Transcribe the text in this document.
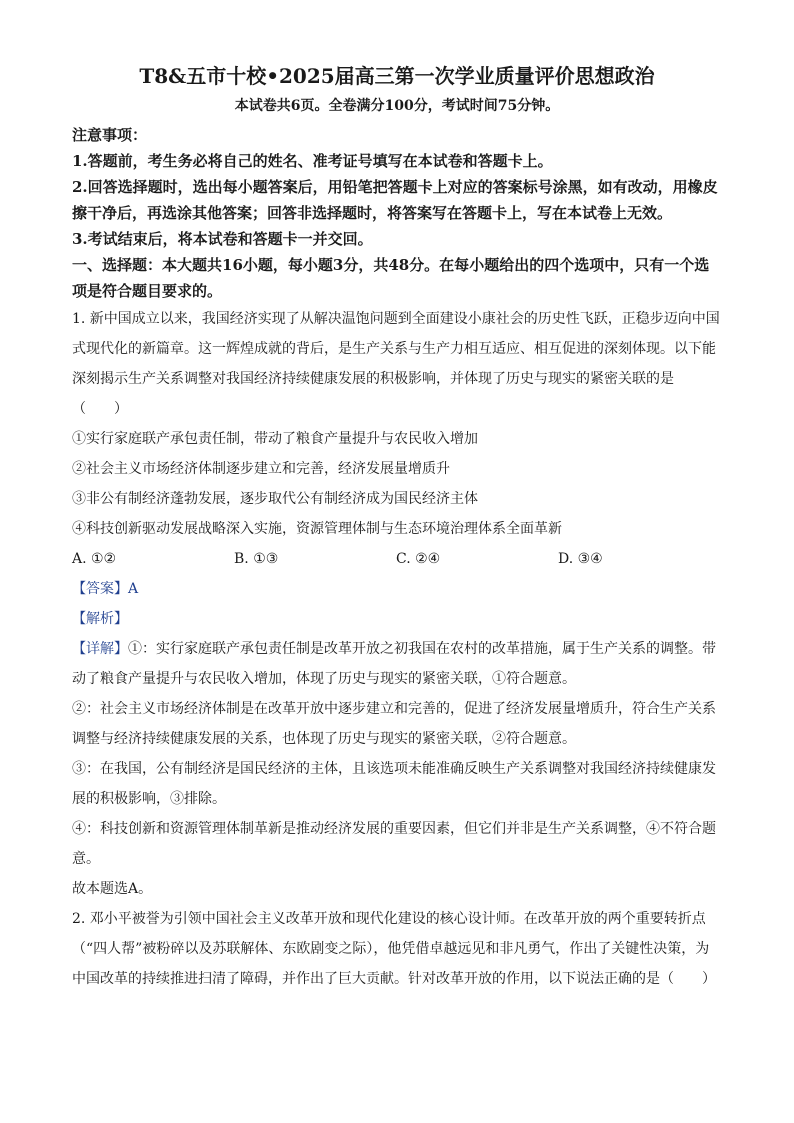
T8&五市十校•2025届高三第一次学业质量评价思想政治

本试卷共6页。全卷满分100分，考试时间75分钟。

注意事项：

1.答题前，考生务必将自己的姓名、准考证号填写在本试卷和答题卡上。

2.回答选择题时，选出每小题答案后，用铅笔把答题卡上对应的答案标号涂黑，如有改动，用橡皮擦干净后，再选涂其他答案；回答非选择题时，将答案写在答题卡上，写在本试卷上无效。

3.考试结束后，将本试卷和答题卡一并交回。

一、选择题：本大题共16小题，每小题3分，共48分。在每小题给出的四个选项中，只有一个选项是符合题目要求的。

1. 新中国成立以来，我国经济实现了从解决温饱问题到全面建设小康社会的历史性飞跃，正稳步迈向中国式现代化的新篇章。这一辉煌成就的背后，是生产关系与生产力相互适应、相互促进的深刻体现。以下能深刻揭示生产关系调整对我国经济持续健康发展的积极影响，并体现了历史与现实的紧密关联的是（　　）

①实行家庭联产承包责任制，带动了粮食产量提升与农民收入增加

②社会主义市场经济体制逐步建立和完善，经济发展量增质升

③非公有制经济蓬勃发展，逐步取代公有制经济成为国民经济主体

④科技创新驱动发展战略深入实施，资源管理体制与生态环境治理体系全面革新

A. ①②	B. ①③	C. ②④	D. ③④

【答案】A

【解析】

【详解】①：实行家庭联产承包责任制是改革开放之初我国在农村的改革措施，属于生产关系的调整。带动了粮食产量提升与农民收入增加，体现了历史与现实的紧密关联，①符合题意。

②：社会主义市场经济体制是在改革开放中逐步建立和完善的，促进了经济发展量增质升，符合生产关系调整与经济持续健康发展的关系，也体现了历史与现实的紧密关联，②符合题意。

③：在我国，公有制经济是国民经济的主体，且该选项未能准确反映生产关系调整对我国经济持续健康发展的积极影响，③排除。

④：科技创新和资源管理体制革新是推动经济发展的重要因素，但它们并非是生产关系调整，④不符合题意。

故本题选A。

2. 邓小平被誉为引领中国社会主义改革开放和现代化建设的核心设计师。在改革开放的两个重要转折点（“四人帮”被粉碎以及苏联解体、东欧剧变之际），他凭借卓越远见和非凡勇气，作出了关键性决策，为中国改革的持续推进扫清了障碍，并作出了巨大贡献。针对改革开放的作用，以下说法正确的是（　　）
